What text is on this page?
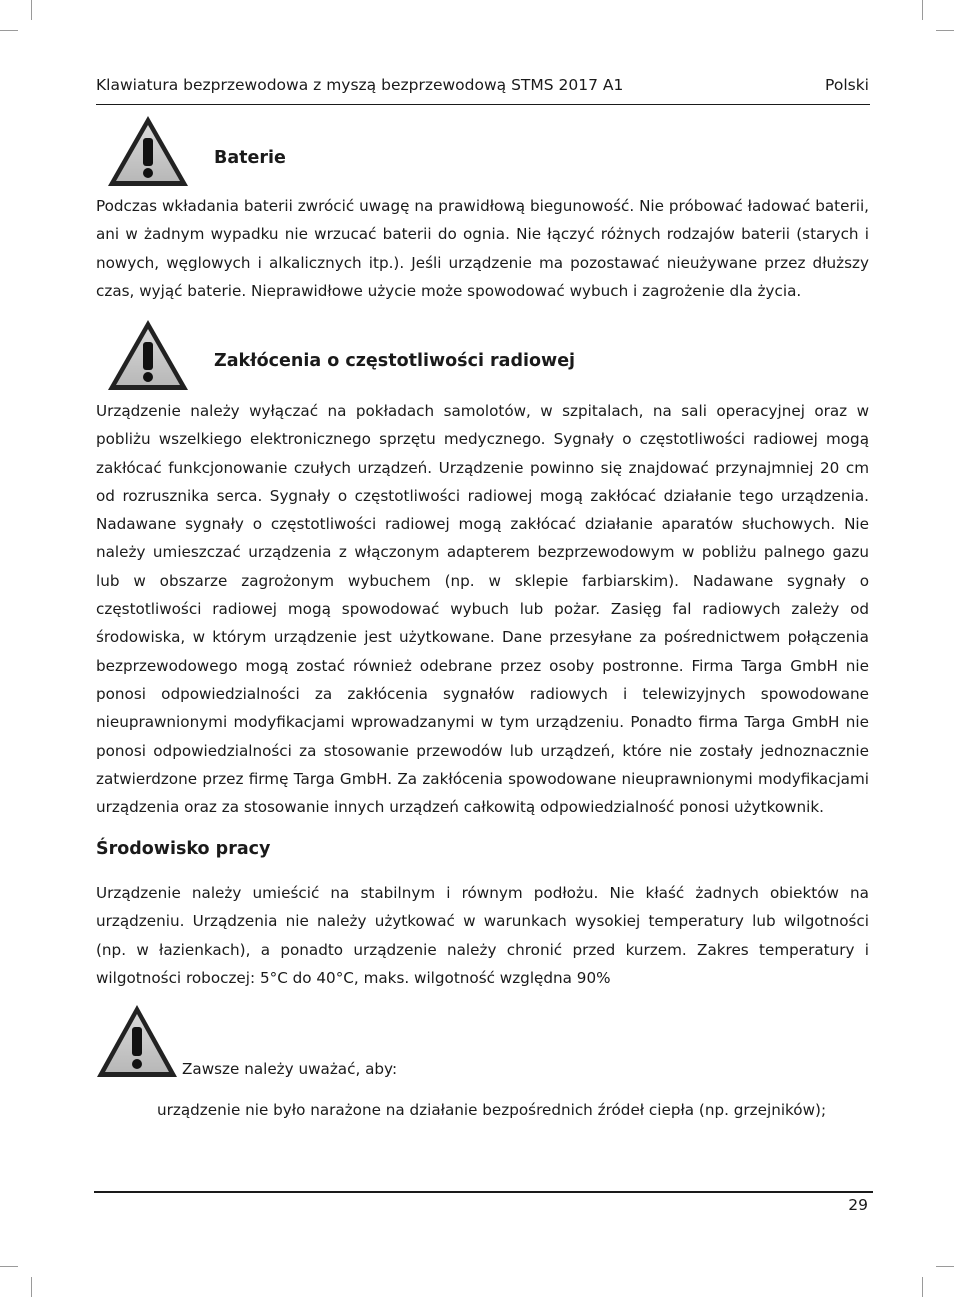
Klawiatura bezprzewodowa z myszą bezprzewodową STMS 2017 A1	Polski
Baterie

Podczas wkładania baterii zwrócić uwagę na prawidłową biegunowość. Nie próbować ładować baterii, ani w żadnym wypadku nie wrzucać baterii do ognia. Nie łączyć różnych rodzajów baterii (starych i nowych, węglowych i alkalicznych itp.). Jeśli urządzenie ma pozostawać nieużywane przez dłuższy czas, wyjąć baterie. Nieprawidłowe użycie może spowodować wybuch i zagrożenie dla życia.

Zakłócenia o częstotliwości radiowej

Urządzenie należy wyłączać na pokładach samolotów, w szpitalach, na sali operacyjnej oraz w pobliżu wszelkiego elektronicznego sprzętu medycznego. Sygnały o częstotliwości radiowej mogą zakłócać funkcjonowanie czułych urządzeń. Urządzenie powinno się znajdować przynajmniej 20 cm od rozrusznika serca. Sygnały o częstotliwości radiowej mogą zakłócać działanie tego urządzenia. Nadawane sygnały o częstotliwości radiowej mogą zakłócać działanie aparatów słuchowych. Nie należy umieszczać urządzenia z włączonym adapterem bezprzewodowym w pobliżu palnego gazu lub w obszarze zagrożonym wybuchem (np. w sklepie farbiarskim). Nadawane sygnały o częstotliwości radiowej mogą spowodować wybuch lub pożar. Zasięg fal radiowych zależy od środowiska, w którym urządzenie jest użytkowane. Dane przesyłane za pośrednictwem połączenia bezprzewodowego mogą zostać również odebrane przez osoby postronne. Firma Targa GmbH nie ponosi odpowiedzialności za zakłócenia sygnałów radiowych i telewizyjnych spowodowane nieuprawnionymi modyfikacjami wprowadzanymi w tym urządzeniu. Ponadto firma Targa GmbH nie ponosi odpowiedzialności za stosowanie przewodów lub urządzeń, które nie zostały jednoznacznie zatwierdzone przez firmę Targa GmbH. Za zakłócenia spowodowane nieuprawnionymi modyfikacjami urządzenia oraz za stosowanie innych urządzeń całkowitą odpowiedzialność ponosi użytkownik.

Środowisko pracy

Urządzenie należy umieścić na stabilnym i równym podłożu. Nie kłaść żadnych obiektów na urządzeniu. Urządzenia nie należy użytkować w warunkach wysokiej temperatury lub wilgotności (np. w łazienkach), a ponadto urządzenie należy chronić przed kurzem. Zakres temperatury i wilgotności roboczej: 5°C do 40°C, maks. wilgotność względna 90%

Zawsze należy uważać, aby:
urządzenie nie było narażone na działanie bezpośrednich źródeł ciepła (np. grzejników);
29
